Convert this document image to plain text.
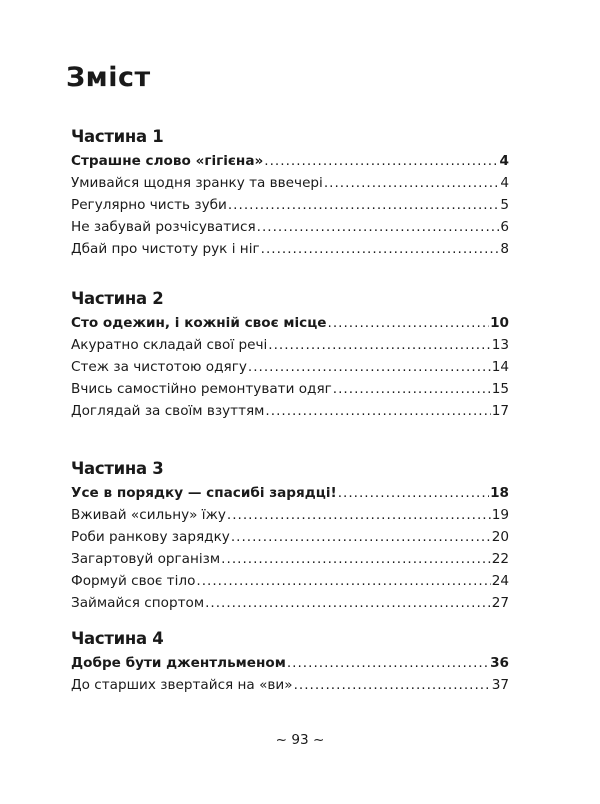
Зміст
Частина 1
Страшне слово «гігієна» .....	4
Умивайся щодня зранку та ввечері .....	4
Регулярно чисть зуби .....	5
Не забувай розчісуватися .....	6
Дбай про чистоту рук і ніг .....	8
Частина 2
Сто одежин, і кожній своє місце .....	10
Акуратно складай свої речі .....	13
Стеж за чистотою одягу .....	14
Вчись самостійно ремонтувати одяг .....	15
Доглядай за своїм взуттям .....	17
Частина 3
Усе в порядку — спасибі зарядці! .....	18
Вживай «сильну» їжу .....	19
Роби ранкову зарядку .....	20
Загартовуй організм .....	22
Формуй своє тіло .....	24
Займайся спортом .....	27
Частина 4
Добре бути джентльменом .....	36
До старших звертайся на «ви» .....	37
~ 93 ~
